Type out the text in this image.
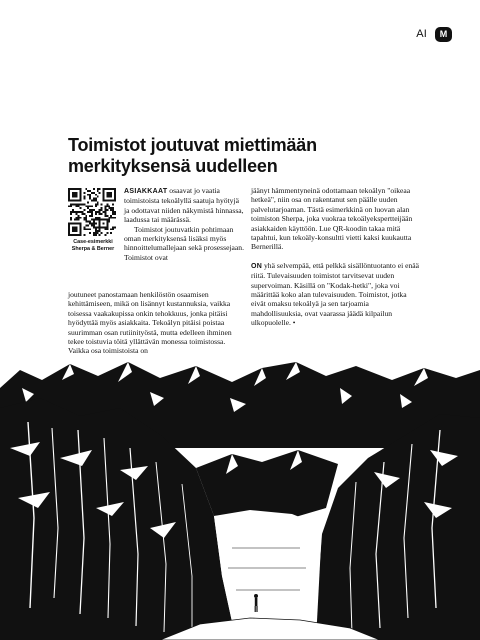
AI	M
Toimistot joutuvat miettimään merkityksensä uudelleen
Case-esimerkki Sherpa & Berner

ASIAKKAAT osaavat jo vaatia toimistoista tekoälyllä saatuja hyötyjä ja odottavat niiden näkymistä hinnassa, laadussa tai määrässä.

Toimistot joutuvatkin pohtimaan oman merkityksensä lisäksi myös hinnoittelumallejaan sekä prosessejaan. Toimistot ovat

joutuneet panostamaan henkilöstön osaamisen kehittämiseen, mikä on lisännyt kustannuksia, vaikka toisessa vaakakupissa onkin tehokkuus, jonka pitäisi hyödyttää myös asiakkaita. Tekoälyn pitäisi poistaa suurimman osan rutiinityöstä, mutta edelleen ihminen tekee toistuvia töitä yllättävän monessa toimistossa. Vaikka osa toimistoista on

jäänyt hämmentyneinä odottamaan tekoälyn "oikeaa hetkeä", niin osa on rakentanut sen päälle uuden palvelutarjoaman. Tästä esimerkkinä on luovan alan toimiston Sherpa, joka vuokraa tekoälyekspertteijään asiakkaiden käyttöön. Lue QR-koodin takaa mitä tapahtui, kun tekoäly-konsultti vietti kaksi kuukautta Bernerillä.

ON yhä selvempää, että pelkkä sisällöntuotanto ei enää riitä. Tulevaisuuden toimistot tarvitsevat uuden supervoiman. Käsillä on "Kodak-hetki", joka voi määrittää koko alan tulevaisuuden. Toimistot, jotka eivät omaksu tekoälyä ja sen tarjoamia mahdollisuuksia, ovat vaarassa jäädä kilpailun ulkopuolelle. •
